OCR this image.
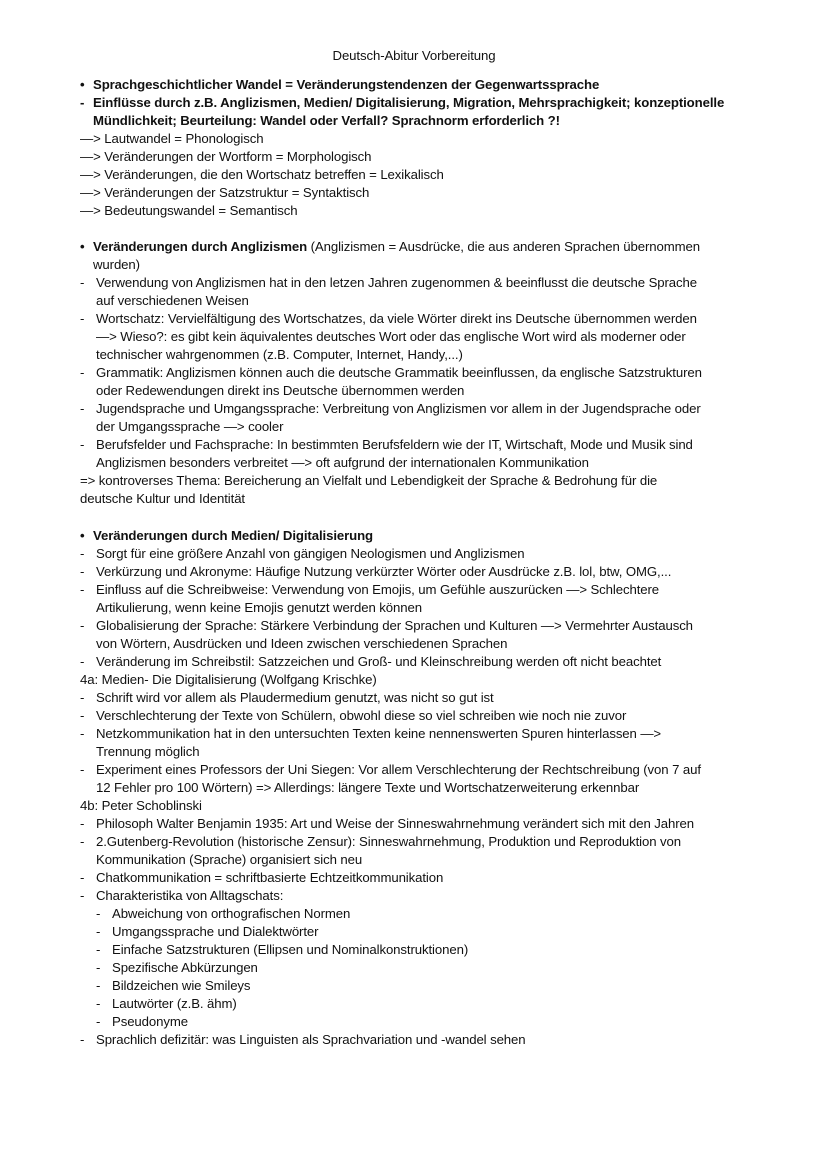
Deutsch-Abitur Vorbereitung
• Sprachgeschichtlicher Wandel = Veränderungstendenzen der Gegenwartssprache
- Einflüsse durch z.B. Anglizismen, Medien/ Digitalisierung, Migration, Mehrsprachigkeit; konzeptionelle
Mündlichkeit; Beurteilung: Wandel oder Verfall? Sprachnorm erforderlich ?!
—> Lautwandel = Phonologisch
—> Veränderungen der Wortform = Morphologisch
—> Veränderungen, die den Wortschatz betreffen = Lexikalisch
—> Veränderungen der Satzstruktur = Syntaktisch
—> Bedeutungswandel = Semantisch
• Veränderungen durch Anglizismen (Anglizismen = Ausdrücke, die aus anderen Sprachen übernommen
wurden)
- Verwendung von Anglizismen hat in den letzen Jahren zugenommen & beeinflusst die deutsche Sprache
auf verschiedenen Weisen
- Wortschatz: Vervielfältigung des Wortschatzes, da viele Wörter direkt ins Deutsche übernommen werden
—> Wieso?: es gibt kein äquivalentes deutsches Wort oder das englische Wort wird als moderner oder
technischer wahrgenommen (z.B. Computer, Internet, Handy,...)
- Grammatik: Anglizismen können auch die deutsche Grammatik beeinflussen, da englische Satzstrukturen
oder Redewendungen direkt ins Deutsche übernommen werden
- Jugendsprache und Umgangssprache: Verbreitung von Anglizismen vor allem in der Jugendsprache oder
der Umgangssprache —> cooler
- Berufsfelder und Fachsprache: In bestimmten Berufsfeldern wie der IT, Wirtschaft, Mode und Musik sind
Anglizismen besonders verbreitet —> oft aufgrund der internationalen Kommunikation
=> kontroverses Thema: Bereicherung an Vielfalt und Lebendigkeit der Sprache & Bedrohung für die
deutsche Kultur und Identität
• Veränderungen durch Medien/ Digitalisierung
- Sorgt für eine größere Anzahl von gängigen Neologismen und Anglizismen
- Verkürzung und Akronyme: Häufige Nutzung verkürzter Wörter oder Ausdrücke z.B. lol, btw, OMG,...
- Einfluss auf die Schreibweise: Verwendung von Emojis, um Gefühle auszurücken —> Schlechtere
Artikulierung, wenn keine Emojis genutzt werden können
- Globalisierung der Sprache: Stärkere Verbindung der Sprachen und Kulturen —> Vermehrter Austausch
von Wörtern, Ausdrücken und Ideen zwischen verschiedenen Sprachen
- Veränderung im Schreibstil: Satzzeichen und Groß- und Kleinschreibung werden oft nicht beachtet
4a: Medien- Die Digitalisierung (Wolfgang Krischke)
- Schrift wird vor allem als Plaudermedium genutzt, was nicht so gut ist
- Verschlechterung der Texte von Schülern, obwohl diese so viel schreiben wie noch nie zuvor
- Netzkommunikation hat in den untersuchten Texten keine nennenswerten Spuren hinterlassen —>
Trennung möglich
- Experiment eines Professors der Uni Siegen: Vor allem Verschlechterung der Rechtschreibung (von 7 auf
12 Fehler pro 100 Wörtern) => Allerdings: längere Texte und Wortschatzerweiterung erkennbar
4b: Peter Schoblinski
- Philosoph Walter Benjamin 1935: Art und Weise der Sinneswahrnehmung verändert sich mit den Jahren
- 2.Gutenberg-Revolution (historische Zensur): Sinneswahrnehmung, Produktion und Reproduktion von
Kommunikation (Sprache) organisiert sich neu
- Chatkommunikation = schriftbasierte Echtzeitkommunikation
- Charakteristika von Alltagschats:
- Abweichung von orthografischen Normen
- Umgangssprache und Dialektwörter
- Einfache Satzstrukturen (Ellipsen und Nominalkonstruktionen)
- Spezifische Abkürzungen
- Bildzeichen wie Smileys
- Lautwörter (z.B. ähm)
- Pseudonyme
- Sprachlich defizitär: was Linguisten als Sprachvariation und -wandel sehen
